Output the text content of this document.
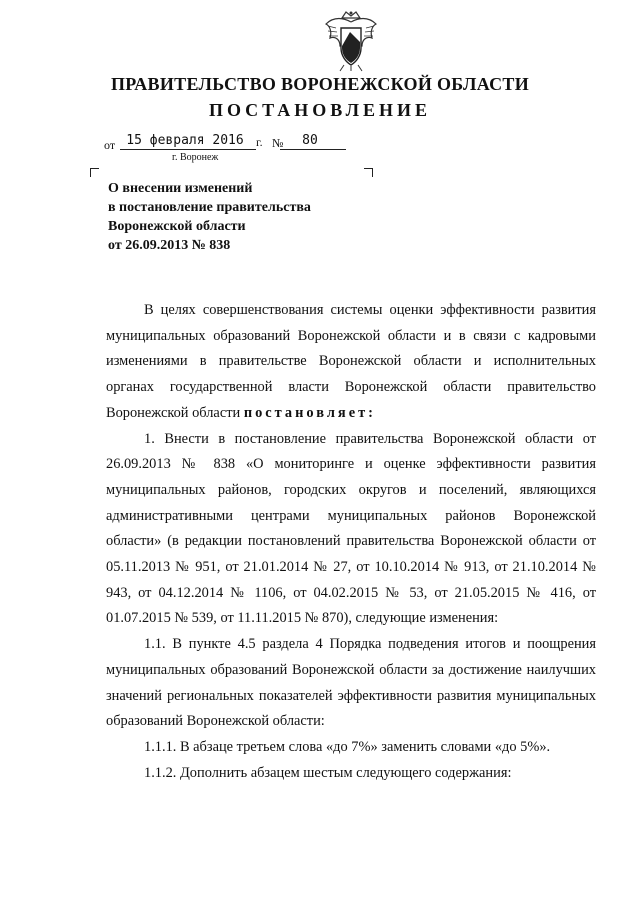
ПРАВИТЕЛЬСТВО ВОРОНЕЖСКОЙ ОБЛАСТИ
ПОСТАНОВЛЕНИЕ
от 15 февраля 2016	г. №	80
г. Воронеж
О внесении изменений
в постановление правительства
Воронежской области
от 26.09.2013 № 838

В целях совершенствования системы оценки эффективности развития муниципальных образований Воронежской области и в связи с кадровыми изменениями в правительстве Воронежской области и исполнительных органах государственной власти Воронежской области правительство Воронежской области постановляет:

1. Внести в постановление правительства Воронежской области от 26.09.2013 № 838 «О мониторинге и оценке эффективности развития муниципальных районов, городских округов и поселений, являющихся административными центрами муниципальных районов Воронежской области» (в редакции постановлений правительства Воронежской области от 05.11.2013 № 951, от 21.01.2014 № 27, от 10.10.2014 № 913, от 21.10.2014 № 943, от 04.12.2014 № 1106, от 04.02.2015 № 53, от 21.05.2015 № 416, от 01.07.2015 № 539, от 11.11.2015 № 870), следующие изменения:

1.1. В пункте 4.5 раздела 4 Порядка подведения итогов и поощрения муниципальных образований Воронежской области за достижение наилучших значений региональных показателей эффективности развития муниципальных образований Воронежской области:

1.1.1. В абзаце третьем слова «до 7%» заменить словами «до 5%».

1.1.2. Дополнить абзацем шестым следующего содержания:
